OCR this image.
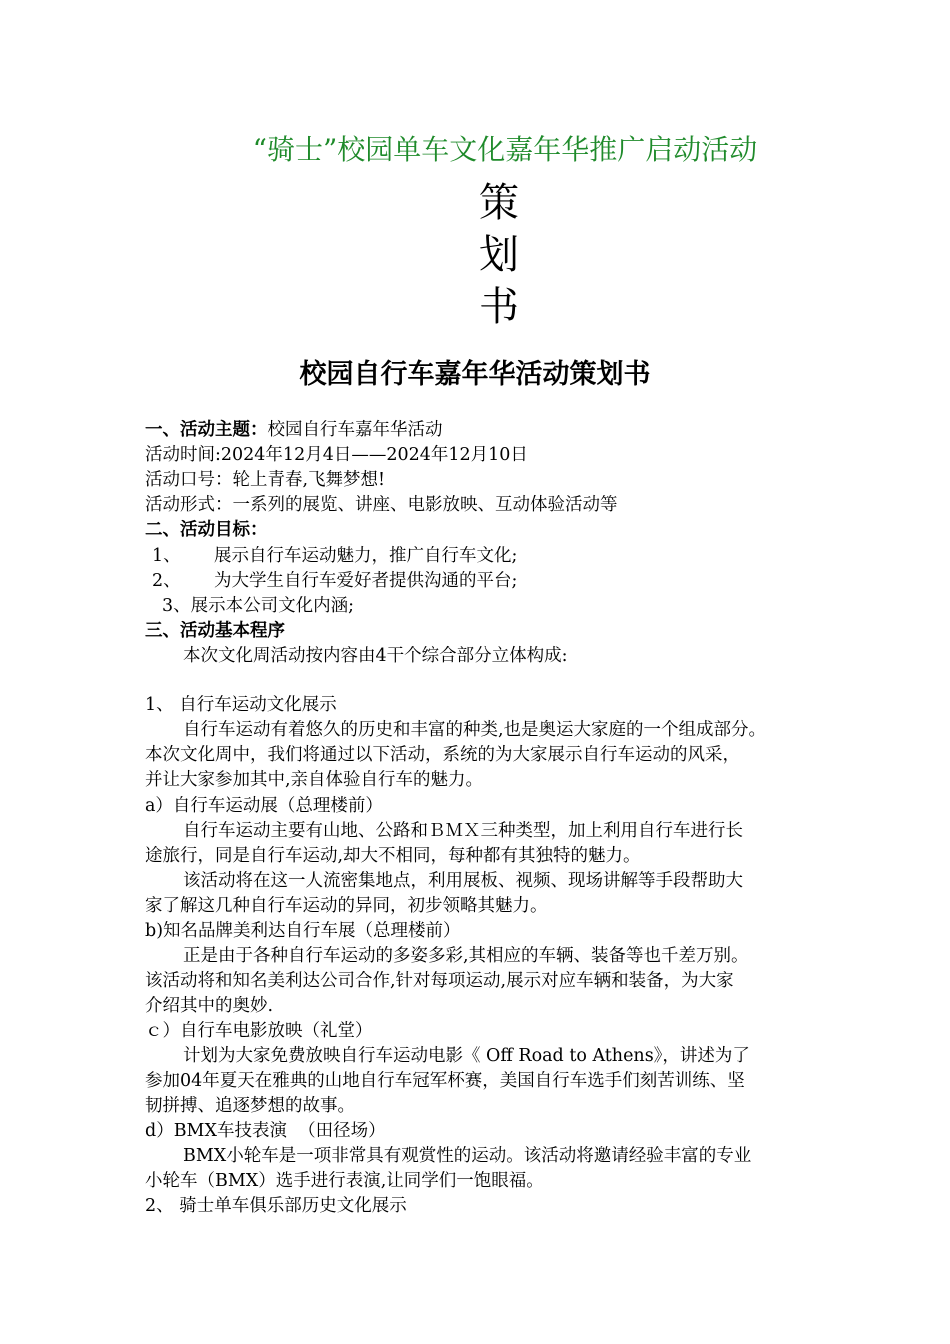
“骑士”校园单车文化嘉年华推广启动活动
策
划
书
校园自行车嘉年华活动策划书
一、活动主题：校园自行车嘉年华活动
活动时间:2024年12月4日——2024年12月10日
活动口号：轮上青春,飞舞梦想!
活动形式：一系列的展览、讲座、电影放映、互动体验活动等
二、活动目标：
1、      展示自行车运动魅力，推广自行车文化;
2、      为大学生自行车爱好者提供沟通的平台;
3、展示本公司文化内涵;
三、活动基本程序
本次文化周活动按内容由4干个综合部分立体构成:
1、 自行车运动文化展示
自行车运动有着悠久的历史和丰富的种类,也是奥运大家庭的一个组成部分。
本次文化周中，我们将通过以下活动，系统的为大家展示自行车运动的风采，
并让大家参加其中,亲自体验自行车的魅力。
a）自行车运动展（总理楼前）
自行车运动主要有山地、公路和ＢＭＸ三种类型，加上利用自行车进行长
途旅行，同是自行车运动,却大不相同，每种都有其独特的魅力。
该活动将在这一人流密集地点，利用展板、视频、现场讲解等手段帮助大
家了解这几种自行车运动的异同，初步领略其魅力。
b)知名品牌美利达自行车展（总理楼前）
正是由于各种自行车运动的多姿多彩,其相应的车辆、装备等也千差万别。
该活动将和知名美利达公司合作,针对每项运动,展示对应车辆和装备，为大家
介绍其中的奥妙.
ｃ）自行车电影放映（礼堂）
计划为大家免费放映自行车运动电影《 Off Road to Athens》，讲述为了
参加04年夏天在雅典的山地自行车冠军杯赛，美国自行车选手们刻苦训练、坚
韧拼搏、追逐梦想的故事。
d）BMX车技表演  （田径场）
BMX小轮车是一项非常具有观赏性的运动。该活动将邀请经验丰富的专业
小轮车（BMX）选手进行表演,让同学们一饱眼福。
2、 骑士单车俱乐部历史文化展示
